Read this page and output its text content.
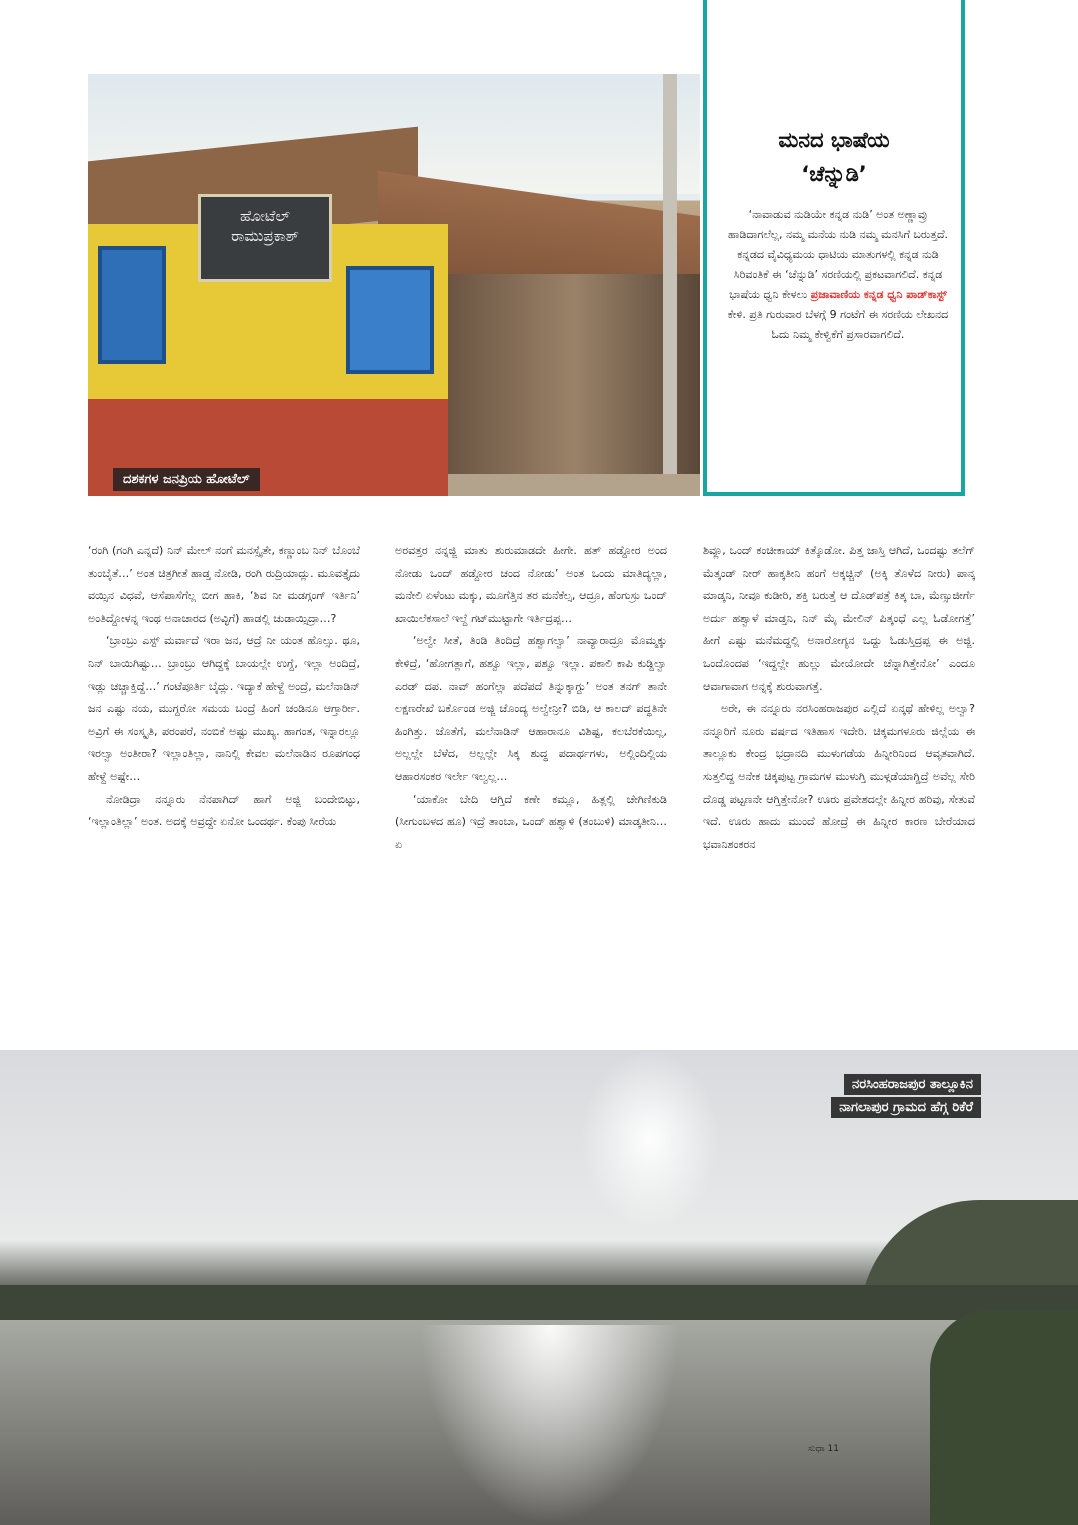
ಹೋಟೆಲ್
ರಾಮುಪ್ರಕಾಶ್
ದಶಕಗಳ ಜನಪ್ರಿಯ ಹೋಟೆಲ್
ಮನದ ಭಾಷೆಯ
‘ಚೆನ್ನುಡಿ’
‘ನಾವಾಡುವ ನುಡಿಯೇ ಕನ್ನಡ ನುಡಿ’ ಅಂತ ಅಣ್ಣಾವ್ರು ಹಾಡಿದಾಗಲೆಲ್ಲ, ನಮ್ಮ ಮನೆಯ ನುಡಿ ನಮ್ಮ ಮನಸಿಗೆ ಬರುತ್ತದೆ. ಕನ್ನಡದ ವೈವಿಧ್ಯಮಯ ಧಾಟಿಯ ಮಾತುಗಳಲ್ಲಿ ಕನ್ನಡ ನುಡಿ ಸಿರಿವಂತಿಕೆ ಈ ‘ಚೆನ್ನುಡಿ’ ಸರಣಿಯಲ್ಲಿ ಪ್ರಕಟವಾಗಲಿದೆ. ಕನ್ನಡ ಭಾಷೆಯ ಧ್ವನಿ ಕೇಳಲು ಪ್ರಜಾವಾಣಿಯ ಕನ್ನಡ ಧ್ವನಿ ಪಾಡ್‌ಕಾಸ್ಟ್ ಕೇಳಿ. ಪ್ರತಿ ಗುರುವಾರ ಬೆಳಗ್ಗೆ 9 ಗಂಟೆಗೆ ಈ ಸರಣಿಯ ಲೇಖನದ ಓದು ನಿಮ್ಮ ಕೇಳ್ವಿಕೆಗೆ ಪ್ರಸಾರವಾಗಲಿದೆ.

‘ರಂಗಿ (ಗಂಗಿ ಎನ್ನದೆ) ನಿನ್ ಮೇಲ್ ನಂಗೆ ಮನಸ್ಸೈತೇ, ಕಣ್ಣುಂಬ ನಿನ್ ಬೊಂಬೆ ತುಂಬೈತೆ…’ ಅಂತ ಚಿತ್ರಗೀತೆ ಹಾಡ್ತ ನೋಡಿ, ರಂಗಿ ರುದ್ರಿಯಾದ್ಲು. ಮೂವತ್ತೈದು ವಯ್ಸಿನ ವಿಧವೆ, ಆಸೆಪಾಸೆಗೆಲ್ಲ ಬೀಗ ಹಾಕಿ, ‘ಶಿವ ನೀ ಮಡಗ್ಗಂಗ್ ಇರ್ತಿನಿ’ ಅಂತಿದ್ದೋಳನ್ನ ಇಂಥ ಅನಾಚಾರದ (ಅವ್ಳಿಗೆ) ಹಾಡಲ್ಲಿ ಚುಡಾಯ್ಸಿದ್ರಾ…?

‘ಬ್ರಾಂಬ್ರು ಎಸ್ಟ್ ಮರ್ವಾದೆ ಇರಾ ಜನ, ಆದ್ರೆ ನೀ ಯಂತ ಹೊಲ್ಸು. ಥೂ, ನಿನ್ ಬಾಯಿಗಿಷ್ಟು… ಬ್ರಾಂಬ್ರು ಆಗಿದ್ದಕ್ಕೆ ಬಾಯಲ್ಲೇ ಉಗ್ದೆ, ಇಲ್ಲಾ ಅಂದಿದ್ರೆ, ಇಡ್ಲು ಚಚ್ಚಾಕ್ತಿದ್ದೆ…’ ಗಂಟೆಪೂರ್ತಿ ಬೈದ್ಲು. ಇದ್ಯಾಕೆ ಹೇಳ್ದೆ ಅಂದ್ರೆ, ಮಲೆನಾಡಿನ್ ಜನ ಎಷ್ಟು ನಯ, ಮುಗ್ದರೋ ಸಮಯ ಬಂದ್ರೆ ಹಿಂಗೆ ಚಂಡಿನೂ ಆಗ್ತಾರ್ರೀ. ಅವ್ರಿಗೆ ಈ ಸಂಸ್ಕೃತಿ, ಪರಂಪರೆ, ನಂಬಿಕೆ ಅಷ್ಟು ಮುಖ್ಯ. ಹಾಗಂತ, ಇನ್ನಾರಲ್ಲೂ ಇರಲ್ವಾ ಅಂತೀರಾ? ಇಲ್ಲಾಂತಿಲ್ಲಾ, ನಾನಿಲ್ಲಿ ಕೇವಲ ಮಲೆನಾಡಿನ ರೂಪಗಂಧ ಹೇಳ್ದೆ ಅಷ್ಟೇ…

ನೋಡಿದ್ರಾ ನನ್ನೂರು ನೆನಪಾಗಿದ್ ಹಾಗೆ ಅಜ್ಜಿ ಬಂದೇಬಿಟ್ಳು, ‘ಇಲ್ಲಾಂತಿಲ್ಲಾ’ ಅಂತ. ಅದಕ್ಕೆ ಅವ್ರದ್ದೇ ಏನೋ ಒಂದರ್ಥ. ಕೆಂಪು ಸೀರೆಯ

ಅರವತ್ತರ ನನ್ನಜ್ಜಿ ಮಾತು ಶುರುಮಾಡದೇ ಹೀಗೇ. ಹತ್ ಹಡ್ದೋರ ಅಂದ ನೋಡು ಒಂದ್ ಹಡ್ದೋರ ಚಂದ ನೋಡು’ ಅಂತ ಒಂದು ಮಾತಿದ್ಯಲ್ಲಾ, ಮನೇಲಿ ಏಳೆಂಟು ಮಕ್ಕು, ಮೂಗೆತ್ತಿನ ತರ ಮನೆಕೆಲ್ಸ, ಆದ್ರೂ, ಹೆಂಗುಸ್ರು ಒಂದ್ ಖಾಯಿಲೆಕಸಾಲೆ ಇಲ್ದೆ ಗಟ್‌ಮುಟ್ಟಾಗೇ ಇರ್ತಿದ್ರಪ್ಪ…

‘ಅಲ್ವೇ ಸೀತೆ, ತಿಂಡಿ ತಿಂದಿದ್ರೆ ಹಶ್ವಾಗಲ್ವಾ’ ನಾವ್ಯಾರಾದ್ರೂ ಮೊಮ್ಮಕ್ಕು ಕೇಳಿದ್ರೆ, ‘ಹೋಗತ್ಲಾಗೆ, ಹಶ್ವೂ ಇಲ್ಲಾ, ಪಶ್ವೂ ಇಲ್ಲಾ. ಪಕಾಲಿ ಕಾಪಿ ಕುಡ್ದಿಲ್ವಾ ಎರಡ್ ದಪ. ನಾವ್ ಹಂಗೆಲ್ಲಾ ಪದೆಪದೆ ತಿನ್ನುಕ್ಕಾಗ್ದು’ ಅಂತ ತನಗ್ ತಾನೇ ಲಕ್ಷಣರೇಖೆ ಬರ್ಕೊಂಡ ಅಜ್ಜಿ ಚೊಂದ್ಯ ಅಲ್ವೇನ್ರೀ? ಬಿಡಿ, ಆ ಕಾಲದ್ ಪದ್ಧತಿನೇ ಹಿಂಗಿತ್ತು. ಜೊತೆಗೆ, ಮಲೆನಾಡಿನ್ ಆಹಾರಾನೂ ವಿಶಿಷ್ಟ, ಕಲಬೆರಕೆಯಿಲ್ಲ, ಅಲ್ಲಲ್ಲೇ ಬೆಳೆದ, ಅಲ್ಲಲ್ಲೇ ಸಿಕ್ಕ ಶುದ್ಧ ಪದಾರ್ಥಗಳು, ಅಲ್ಲಿಂದಿಲ್ಲಿಯ ಆಹಾರಸಂಕರ ಇರ್ಲೇ ಇಲ್ವಲ್ಲ…

‘ಯಾಕೋ ಬೇದಿ ಆಗ್ತಿದೆ ಕಣೇ ಕಮ್ಲೂ, ಹಿತ್ಲಲ್ಲಿ ಚೇಗಿಣಿಕುಡಿ (ಸೀಗುಂಬಳದ ಹೂ) ಇದ್ರೆ ತಾಂಬಾ, ಒಂದ್ ಹಶ್ವಾಳಿ (ತಂಬುಳಿ) ಮಾಡ್ಕತೀನಿ… ಏ

ಶಿವ್ಲೂ, ಒಂದ್ ಕಂಚೀಕಾಯ್ ಕಿತ್ಕೊಡೋ. ಪಿತ್ತ ಜಾಸ್ತಿ ಆಗಿದೆ, ಒಂದಷ್ಟು ತಲೆಗ್ ಮೆತ್ಕಂಡ್ ನೀರ್ ಹಾಕ್ಕತೀನಿ ಹಂಗೆ ಅಕ್ಕಚ್ಚಿನ್ (ಅಕ್ಕಿ ತೊಳೆದ ನೀರು) ಪಾನ್ಕ ಮಾಡ್ಕನಿ, ನೀವೂ ಕುಡೀರಿ, ಶಕ್ತಿ ಬರುತ್ತೆ ಆ ದೊಡ್‌ಪತ್ರೆ ಕಿತ್ಕ ಬಾ, ಮೆಣ್ಸುಜೀರ್ಗೆ ಅರ್ದು ಹಶ್ವಾಳೆ ಮಾಡ್ತನಿ, ನಿನ್ ಮೈ ಮೇಲಿನ್ ಪಿತ್ಕಂಧೆ ಎಲ್ಲ ಓಡೋಗತ್ತೆ’ ಹೀಗೆ ಎಷ್ಟು ಮನೆಮದ್ದಲ್ಲಿ ಅನಾರೋಗ್ಯನ ಒದ್ದು ಓಡುಸ್ತಿದ್ರಪ್ಪ ಈ ಅಜ್ಜಿ. ಒಂದೊಂದಪ ‘ಇದ್ದಲ್ಲೇ ಹುಲ್ಲು ಮೇಯೋದೇ ಚೆನ್ನಾಗಿತ್ತೇನೋ’ ಎಂದೂ ಆವಾಗಾವಾಗ ಅನ್ನಕ್ಕೆ ಶುರುವಾಗತ್ತೆ.

ಅರೇ, ಈ ನನ್ನೂರು ನರಸಿಂಹರಾಜಪುರ ಎಲ್ಲಿದೆ ಏನ್ಕಥೆ ಹೇಳಿಲ್ಲ ಅಲ್ವಾ? ನನ್ನೂರಿಗೆ ನೂರು ವರ್ಷದ ಇತಿಹಾಸ ಇದೇರಿ. ಚಿಕ್ಕಮಗಳೂರು ಜಿಲ್ಲೆಯ ಈ ತಾಲ್ಲೂಕು ಕೇಂದ್ರ ಭದ್ರಾನದಿ ಮುಳುಗಡೆಯ ಹಿನ್ನೀರಿನಿಂದ ಆವೃತವಾಗಿದೆ. ಸುತ್ತಲಿದ್ದ ಅನೇಕ ಚಿಕ್ಕಪುಟ್ಟ ಗ್ರಾಮಗಳ ಮುಳುಗ್ತಿ ಮುಳ್ಗಡೆಯಾಗ್ಡಿದ್ರೆ ಅವೆಲ್ಲ ಸೇರಿ ದೊಡ್ಡ ಪಟ್ಟಣನೇ ಆಗ್ತಿತ್ತೇನೋ? ಊರು ಪ್ರವೇಶದಲ್ಲೇ ಹಿನ್ನೀರ ಹರಿವು, ಸೇತುವೆ ಇದೆ. ಊರು ಹಾದು ಮುಂದೆ ಹೋದ್ರೆ ಈ ಹಿನ್ನೀರ ಕಾರಣ ಬೇರೆಯಾದ ಭವಾನಿಶಂಕರನ

ನರಸಿಂಹರಾಜಪುರ ತಾಲ್ಲೂಕಿನ
ನಾಗಲಾಪುರ ಗ್ರಾಮದ ಹೆಗ್ಗ ರಿಕೆರೆ
ಸುಧಾ 11
